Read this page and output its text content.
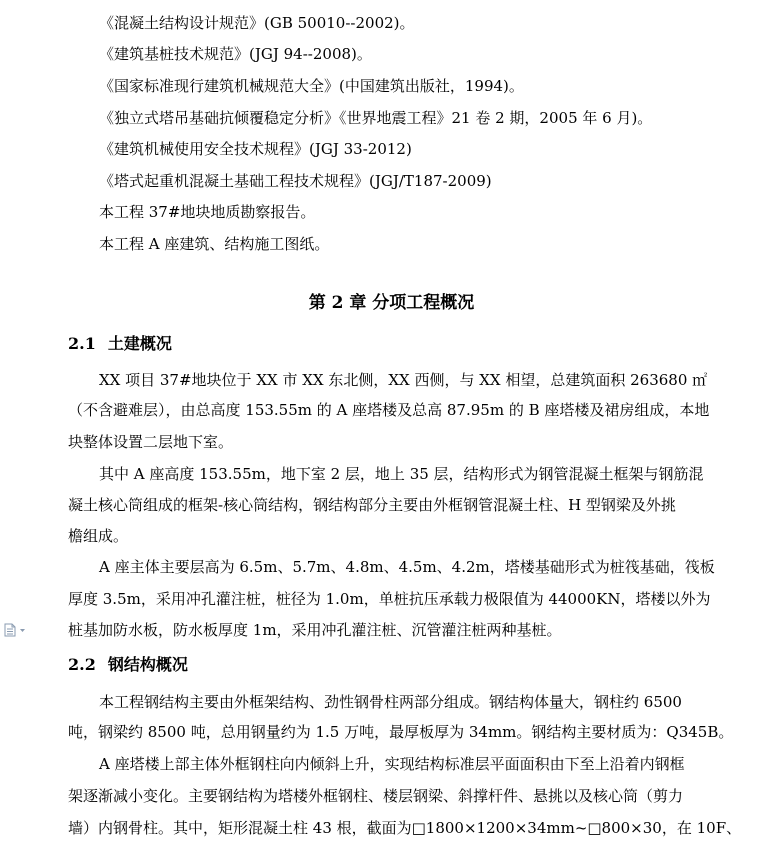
《混凝土结构设计规范》(GB 50010--2002)。
《建筑基桩技术规范》(JGJ 94--2008)。
《国家标准现行建筑机械规范大全》(中国建筑出版社，1994)。
《独立式塔吊基础抗倾覆稳定分析》《世界地震工程》21 卷 2 期，2005 年 6 月)。
《建筑机械使用安全技术规程》(JGJ 33-2012)
《塔式起重机混凝土基础工程技术规程》(JGJ/T187-2009)
本工程 37#地块地质勘察报告。
本工程 A 座建筑、结构施工图纸。
第 2 章 分项工程概况
2.1 土建概况
XX 项目 37#地块位于 XX 市 XX 东北侧，XX 西侧，与 XX 相望，总建筑面积 263680 ㎡
（不含避难层），由总高度 153.55m 的 A 座塔楼及总高 87.95m 的 B 座塔楼及裙房组成，本地
块整体设置二层地下室。
其中 A 座高度 153.55m，地下室 2 层，地上 35 层，结构形式为钢管混凝土框架与钢筋混
凝土核心筒组成的框架-核心筒结构，钢结构部分主要由外框钢管混凝土柱、H 型钢梁及外挑
檐组成。
A 座主体主要层高为 6.5m、5.7m、4.8m、4.5m、4.2m，塔楼基础形式为桩筏基础，筏板
厚度 3.5m，采用冲孔灌注桩，桩径为 1.0m，单桩抗压承载力极限值为 44000KN，塔楼以外为
桩基加防水板，防水板厚度 1m，采用冲孔灌注桩、沉管灌注桩两种基桩。
2.2 钢结构概况
本工程钢结构主要由外框架结构、劲性钢骨柱两部分组成。钢结构体量大，钢柱约 6500
吨，钢梁约 8500 吨，总用钢量约为 1.5 万吨，最厚板厚为 34mm。钢结构主要材质为：Q345B。
A 座塔楼上部主体外框钢柱向内倾斜上升，实现结构标准层平面面积由下至上沿着内钢框
架逐渐减小变化。主要钢结构为塔楼外框钢柱、楼层钢梁、斜撑杆件、悬挑以及核心筒（剪力
墙）内钢骨柱。其中，矩形混凝土柱 43 根，截面为□1800×1200×34mm~□800×30，在 10F、
